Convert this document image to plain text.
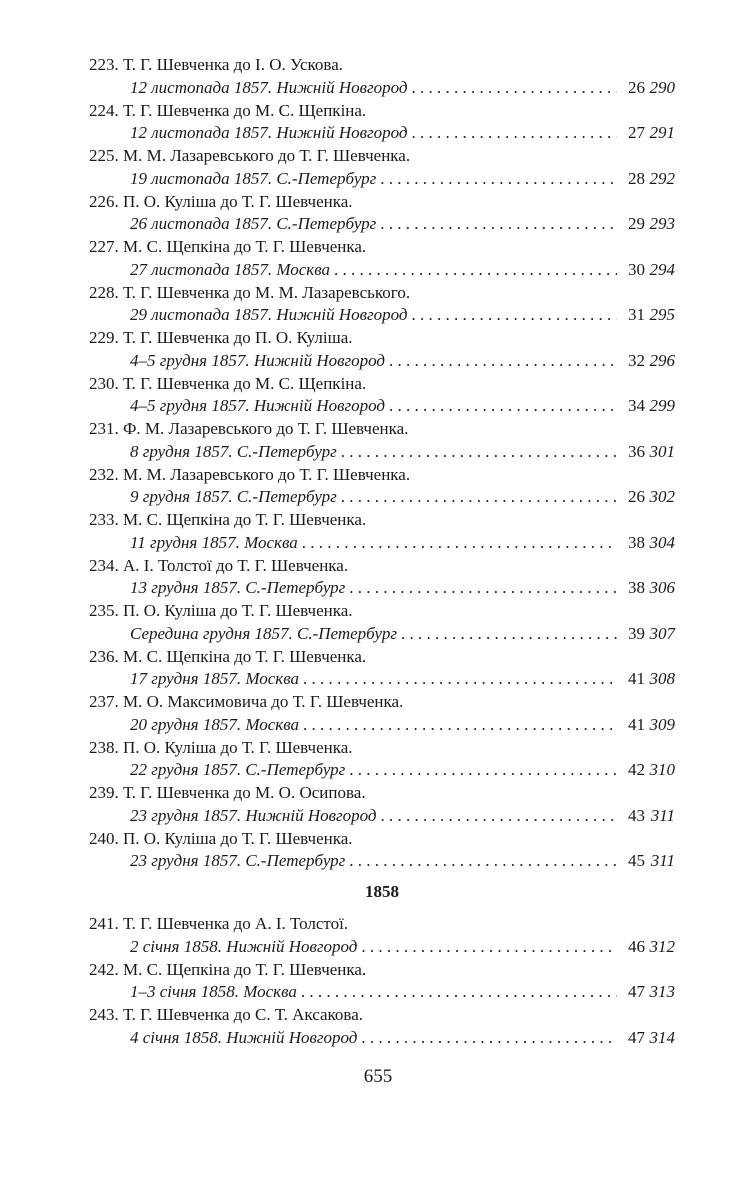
223. Т. Г. Шевченка до І. О. Ускова.
12 листопада 1857. Нижній Новгород . . .	26 290
224. Т. Г. Шевченка до М. С. Щепкіна.
12 листопада 1857. Нижній Новгород . . .	27 291
225. М. М. Лазаревського до Т. Г. Шевченка.
19 листопада 1857. С.-Петербург . . .	28 292
226. П. О. Куліша до Т. Г. Шевченка.
26 листопада 1857. С.-Петербург . . .	29 293
227. М. С. Щепкіна до Т. Г. Шевченка.
27 листопада 1857. Москва . . .	30 294
228. Т. Г. Шевченка до М. М. Лазаревського.
29 листопада 1857. Нижній Новгород . . .	31 295
229. Т. Г. Шевченка до П. О. Куліша.
4–5 грудня 1857. Нижній Новгород . . .	32 296
230. Т. Г. Шевченка до М. С. Щепкіна.
4–5 грудня 1857. Нижній Новгород . . .	34 299
231. Ф. М. Лазаревського до Т. Г. Шевченка.
8 грудня 1857. С.-Петербург . . .	36 301
232. М. М. Лазаревського до Т. Г. Шевченка.
9 грудня 1857. С.-Петербург . . .	26 302
233. М. С. Щепкіна до Т. Г. Шевченка.
11 грудня 1857. Москва . . .	38 304
234. А. І. Толстої до Т. Г. Шевченка.
13 грудня 1857. С.-Петербург . . .	38 306
235. П. О. Куліша до Т. Г. Шевченка.
Середина грудня 1857. С.-Петербург . . .	39 307
236. М. С. Щепкіна до Т. Г. Шевченка.
17 грудня 1857. Москва . . .	41 308
237. М. О. Максимовича до Т. Г. Шевченка.
20 грудня 1857. Москва . . .	41 309
238. П. О. Куліша до Т. Г. Шевченка.
22 грудня 1857. С.-Петербург . . .	42 310
239. Т. Г. Шевченка до М. О. Осипова.
23 грудня 1857. Нижній Новгород . . .	43 311
240. П. О. Куліша до Т. Г. Шевченка.
23 грудня 1857. С.-Петербург . . .	45 311
1858
241. Т. Г. Шевченка до А. І. Толстої.
2 січня 1858. Нижній Новгород . . .	46 312
242. М. С. Щепкіна до Т. Г. Шевченка.
1–3 січня 1858. Москва . . .	47 313
243. Т. Г. Шевченка до С. Т. Аксакова.
4 січня 1858. Нижній Новгород . . .	47 314
655
